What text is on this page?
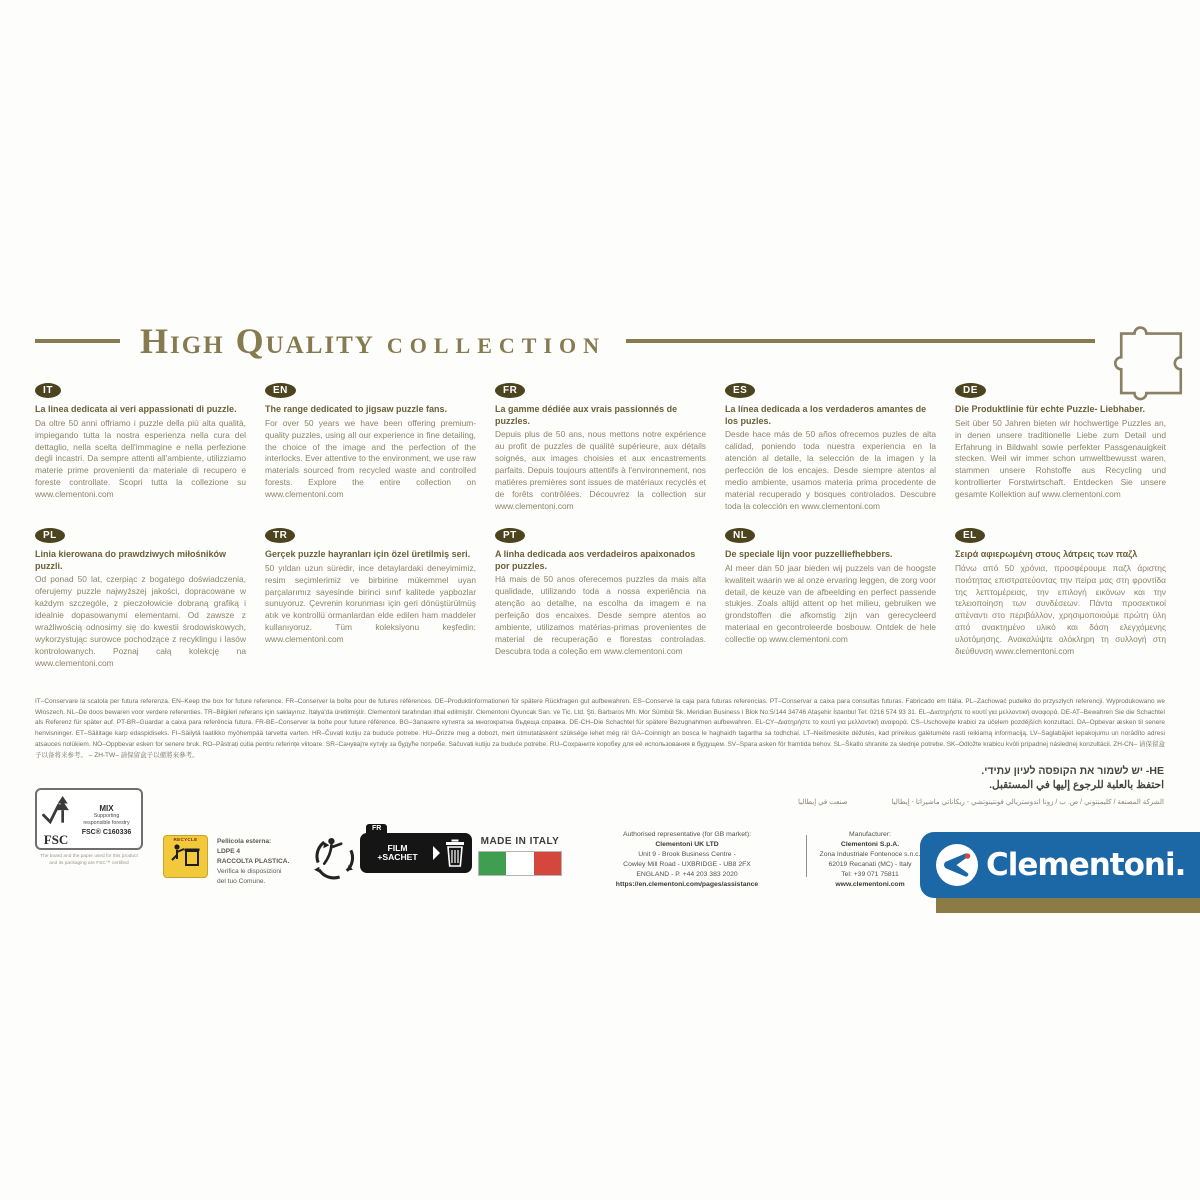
High Quality COLLECTION
IT
La linea dedicata ai veri appassionati di puzzle.
Da oltre 50 anni offriamo i puzzle della più alta qualità, impiegando tutta la nostra esperienza nella cura del dettaglio, nella scelta dell'immagine e nella perfezione degli incastri. Da sempre attenti all'ambiente, utilizziamo materie prime provenienti da materiale di recupero e foreste controllate. Scopri tutta la collezione su www.clementoni.com
EN
The range dedicated to jigsaw puzzle fans.
For over 50 years we have been offering premium-quality puzzles, using all our experience in fine detailing, the choice of the image and the perfection of the interlocks. Ever attentive to the environment, we use raw materials sourced from recycled waste and controlled forests. Explore the entire collection on www.clementoni.com
FR
La gamme dédiée aux vrais passionnés de puzzles.
Depuis plus de 50 ans, nous mettons notre expérience au profit de puzzles de qualité supérieure, aux détails soignés, aux images choisies et aux encastrements parfaits. Depuis toujours attentifs à l'environnement, nos matières premières sont issues de matériaux recyclés et de forêts contrôlées. Découvrez la collection sur www.clementoni.com
ES
La línea dedicada a los verdaderos amantes de los puzles.
Desde hace más de 50 años ofrecemos puzles de alta calidad, poniendo toda nuestra experiencia en la atención al detalle, la selección de la imagen y la perfección de los encajes. Desde siempre atentos al medio ambiente, usamos materia prima procedente de material recuperado y bosques controlados. Descubre toda la colección en www.clementoni.com
DE
Die Produktlinie für echte Puzzle- Liebhaber.
Seit über 50 Jahren bieten wir hochwertige Puzzles an, in denen unsere traditionelle Liebe zum Detail und Erfahrung in Bildwahl sowie perfekter Passgenauigkeit stecken. Weil wir immer schon umweltbewusst waren, stammen unsere Rohstoffe aus Recycling und kontrollierter Forstwirtschaft. Entdecken Sie unsere gesamte Kollektion auf www.clementoni.com
PL
Linia kierowana do prawdziwych miłośników puzzli.
Od ponad 50 lat, czerpiąc z bogatego doświadczenia, oferujemy puzzle najwyższej jakości, dopracowane w każdym szczególe, z pieczołowicie dobraną grafiką i idealnie dopasowanymi elementami. Od zawsze z wrażliwością odnosimy się do kwestii środowiskowych, wykorzystując surowce pochodzące z recyklingu i lasów kontrolowanych. Poznaj całą kolekcję na www.clementoni.com
TR
Gerçek puzzle hayranları için özel üretilmiş seri.
50 yıldan uzun süredir, ince detaylardaki deneyimimiz, resim seçimlerimiz ve birbirine mükemmel uyan parçalarımız sayesinde birinci sınıf kalitede yapbozlar sunuyoruz. Çevrenin korunması için geri dönüştürülmüş atık ve kontrollü ormanlardan elde edilen ham maddeler kullanıyoruz. Tüm koleksiyonu keşfedin: www.clementoni.com
PT
A linha dedicada aos verdadeiros apaixonados por puzzles.
Há mais de 50 anos oferecemos puzzles da mais alta qualidade, utilizando toda a nossa experiência na atenção ao detalhe, na escolha da imagem e na perfeição dos encaixes. Desde sempre atentos ao ambiente, utilizamos matérias-primas provenientes de material de recuperação e florestas controladas. Descubra toda a coleção em www.clementoni.com
NL
De speciale lijn voor puzzelliefhebbers.
Al meer dan 50 jaar bieden wij puzzels van de hoogste kwaliteit waarin we al onze ervaring leggen, de zorg voor detail, de keuze van de afbeelding en perfect passende stukjes. Zoals altijd attent op het milieu, gebruiken we grondstoffen die afkomstig zijn van gerecycleerd materiaal en gecontroleerde bosbouw. Ontdek de hele collectie op www.clementoni.com
EL
Σειρά αφιερωμένη στους λάτρεις των παζλ
Πάνω από 50 χρόνια, προσφέρουμε παζλ άριστης ποιότητας επιστρατεύοντας την πείρα μας στη φροντίδα της λεπτομέρειας, την επιλογή εικόνων και την τελειοποίηση των συνδέσεων. Πάντα προσεκτικοί απέναντι στο περιβάλλον, χρησιμοποιούμε πρώτη ύλη από ανακτημένο υλικό και δάση ελεγχόμενης υλοτόμησης. Ανακαλύψτε ολόκληρη τη συλλογή στη διεύθυνση www.clementoni.com

IT–Conservare la scatola per futura referenza. EN–Keep the box for future reference. FR–Conserver la boîte pour de futures références. DE–Produktinformationen für spätere Rückfragen gut aufbewahren. ES–Conserve la caja para futuras referencias. PT–Conservar a caixa para consultas futuras. Fabricado em Itália. PL–Zachować pudełko do przyszłych referencji. Wyprodukowano we Włoszech. NL–De doos bewaren voor verdere referenties. TR–Bilgileri referans için saklayınız. İtalya'da üretilmiştir. Clementoni tarafından ithal edilmiştir. Clementoni Oyuncak San. ve Tic. Ltd. Şti. Barbaros Mh. Mor Sümbül Sk. Meridian Business I Blok No:5/144 34746 Ataşehir İstanbul Tel: 0216 574 93 31. EL–Διατηρήστε το κουτί για μελλοντική αναφορά. DE-AT–Bewahren Sie die Schachtel als Referenz für später auf. PT-BR–Guardar a caixa para referência futura. FR-BE–Conserver la boîte pour future référence. BG–Запазете кутията за многократна бъдеща справка. DE-CH–Die Schachtel für spätere Bezugnahmen aufbewahren. EL-CY–Διατηρήστε το κουτί για μελλοντική αναφορά. CS–Uschovejte krabici za účelem pozdějších konzultací. DA–Opbevar æsken til senere henvisninger. ET–Säilitage karp edaspidiseks. FI–Säilytä laatikko myöhempää tarvetta varten. HR–Čuvati kutiju za buduće potrebe. HU–Őrizze meg a dobozt, mert útmutatásként szüksége lehet még rá! GA–Coinnigh an bosca le haghaidh tagartha sa todhchaí. LT–Neišmeskite dėžutės, kad prireikus galėtumėte rasti reikiamą informaciją. LV–Saglabājiet iepakojumu un norādīto adresi atsauces nolūkiem. NO–Oppbevar esken for senere bruk. RO–Păstrați cutia pentru referințe viitoare. SR–Сачувајте кутију за будуће потребе. Sačuvati kutiju za buduće potrebe. RU–Сохраните коробку для её использования в будущем. SV–Spara asken för framtida behov. SL–Škatlo shranite za slednje potrebe. SK–Odložte krabicu kvôli prípadnej následnej konzultácii. ZH-CN– 请保留盒子以备将来参考。 – ZH-TW– 請保留盒子以備將來參考。

HE- יש לשמור את הקופסה לעיון עתידי.
احتفظ بالعلبة للرجوع إليها في المستقبل.
الشركة المصنعة / كليمنتوني / ص. ب / زونا اندوستريالي فونتينوتشي - ريكاناتي ماشيراتا - إيطاليا
صنعت في إيطاليا
FSC
MIX
Supporting
responsible forestry
FSC® C160336
The board and the paper used for this product
and its packaging are FSC™ certified
RECYCLE	Pellicola esterna:
LDPE 4
RACCOLTA PLASTICA.
Verifica le disposizioni
del tuo Comune.
FR
FILM
+SACHET
MADE IN ITALY
Authorised representative (for GB market):
Clementoni UK LTD
Unit 9 - Brook Business Centre -
Cowley Mill Road - UXBRIDGE - UB8 2FX
ENGLAND - P. +44 203 383 2020
https://en.clementoni.com/pages/assistance
Manufacturer:
Clementoni S.p.A.
Zona Industriale Fontenoce s.n.c.
62019 Recanati (MC) - Italy
Tel: +39 071 75811
www.clementoni.com
Clementoni.
